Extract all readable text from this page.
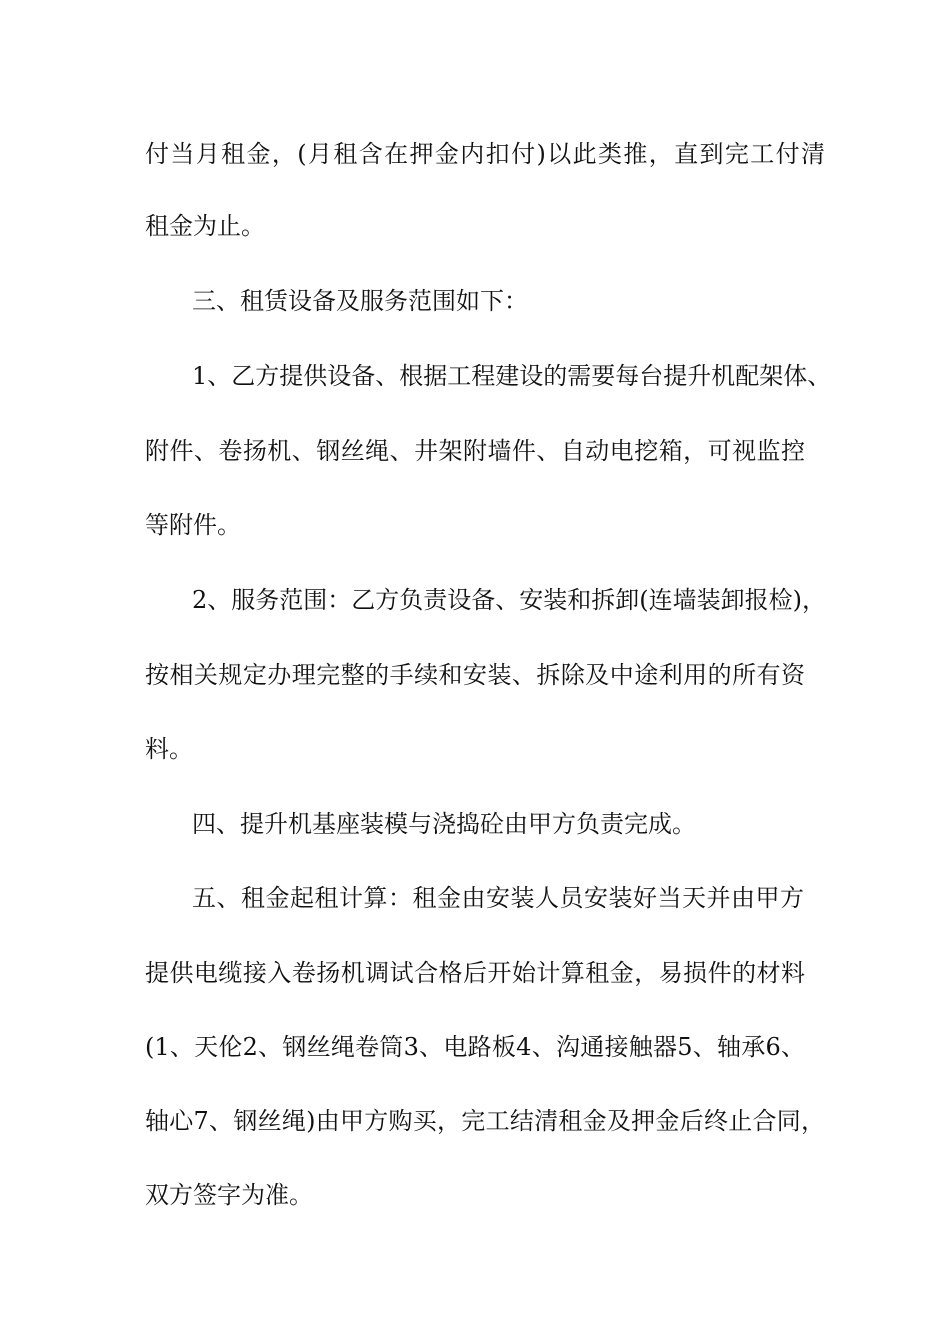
付当月租金，(月租含在押金内扣付)以此类推，直到完工付清
租金为止。
三、租赁设备及服务范围如下：
1、乙方提供设备、根据工程建设的需要每台提升机配架体、
附件、卷扬机、钢丝绳、井架附墙件、自动电挖箱，可视监控
等附件。
2、服务范围：乙方负责设备、安装和拆卸(连墙装卸报检)，
按相关规定办理完整的手续和安装、拆除及中途利用的所有资
料。
四、提升机基座装模与浇捣砼由甲方负责完成。
五、租金起租计算：租金由安装人员安装好当天并由甲方
提供电缆接入卷扬机调试合格后开始计算租金，易损件的材料
(1、天伦2、钢丝绳卷筒3、电路板4、沟通接触器5、轴承6、
轴心7、钢丝绳)由甲方购买，完工结清租金及押金后终止合同，
双方签字为准。
